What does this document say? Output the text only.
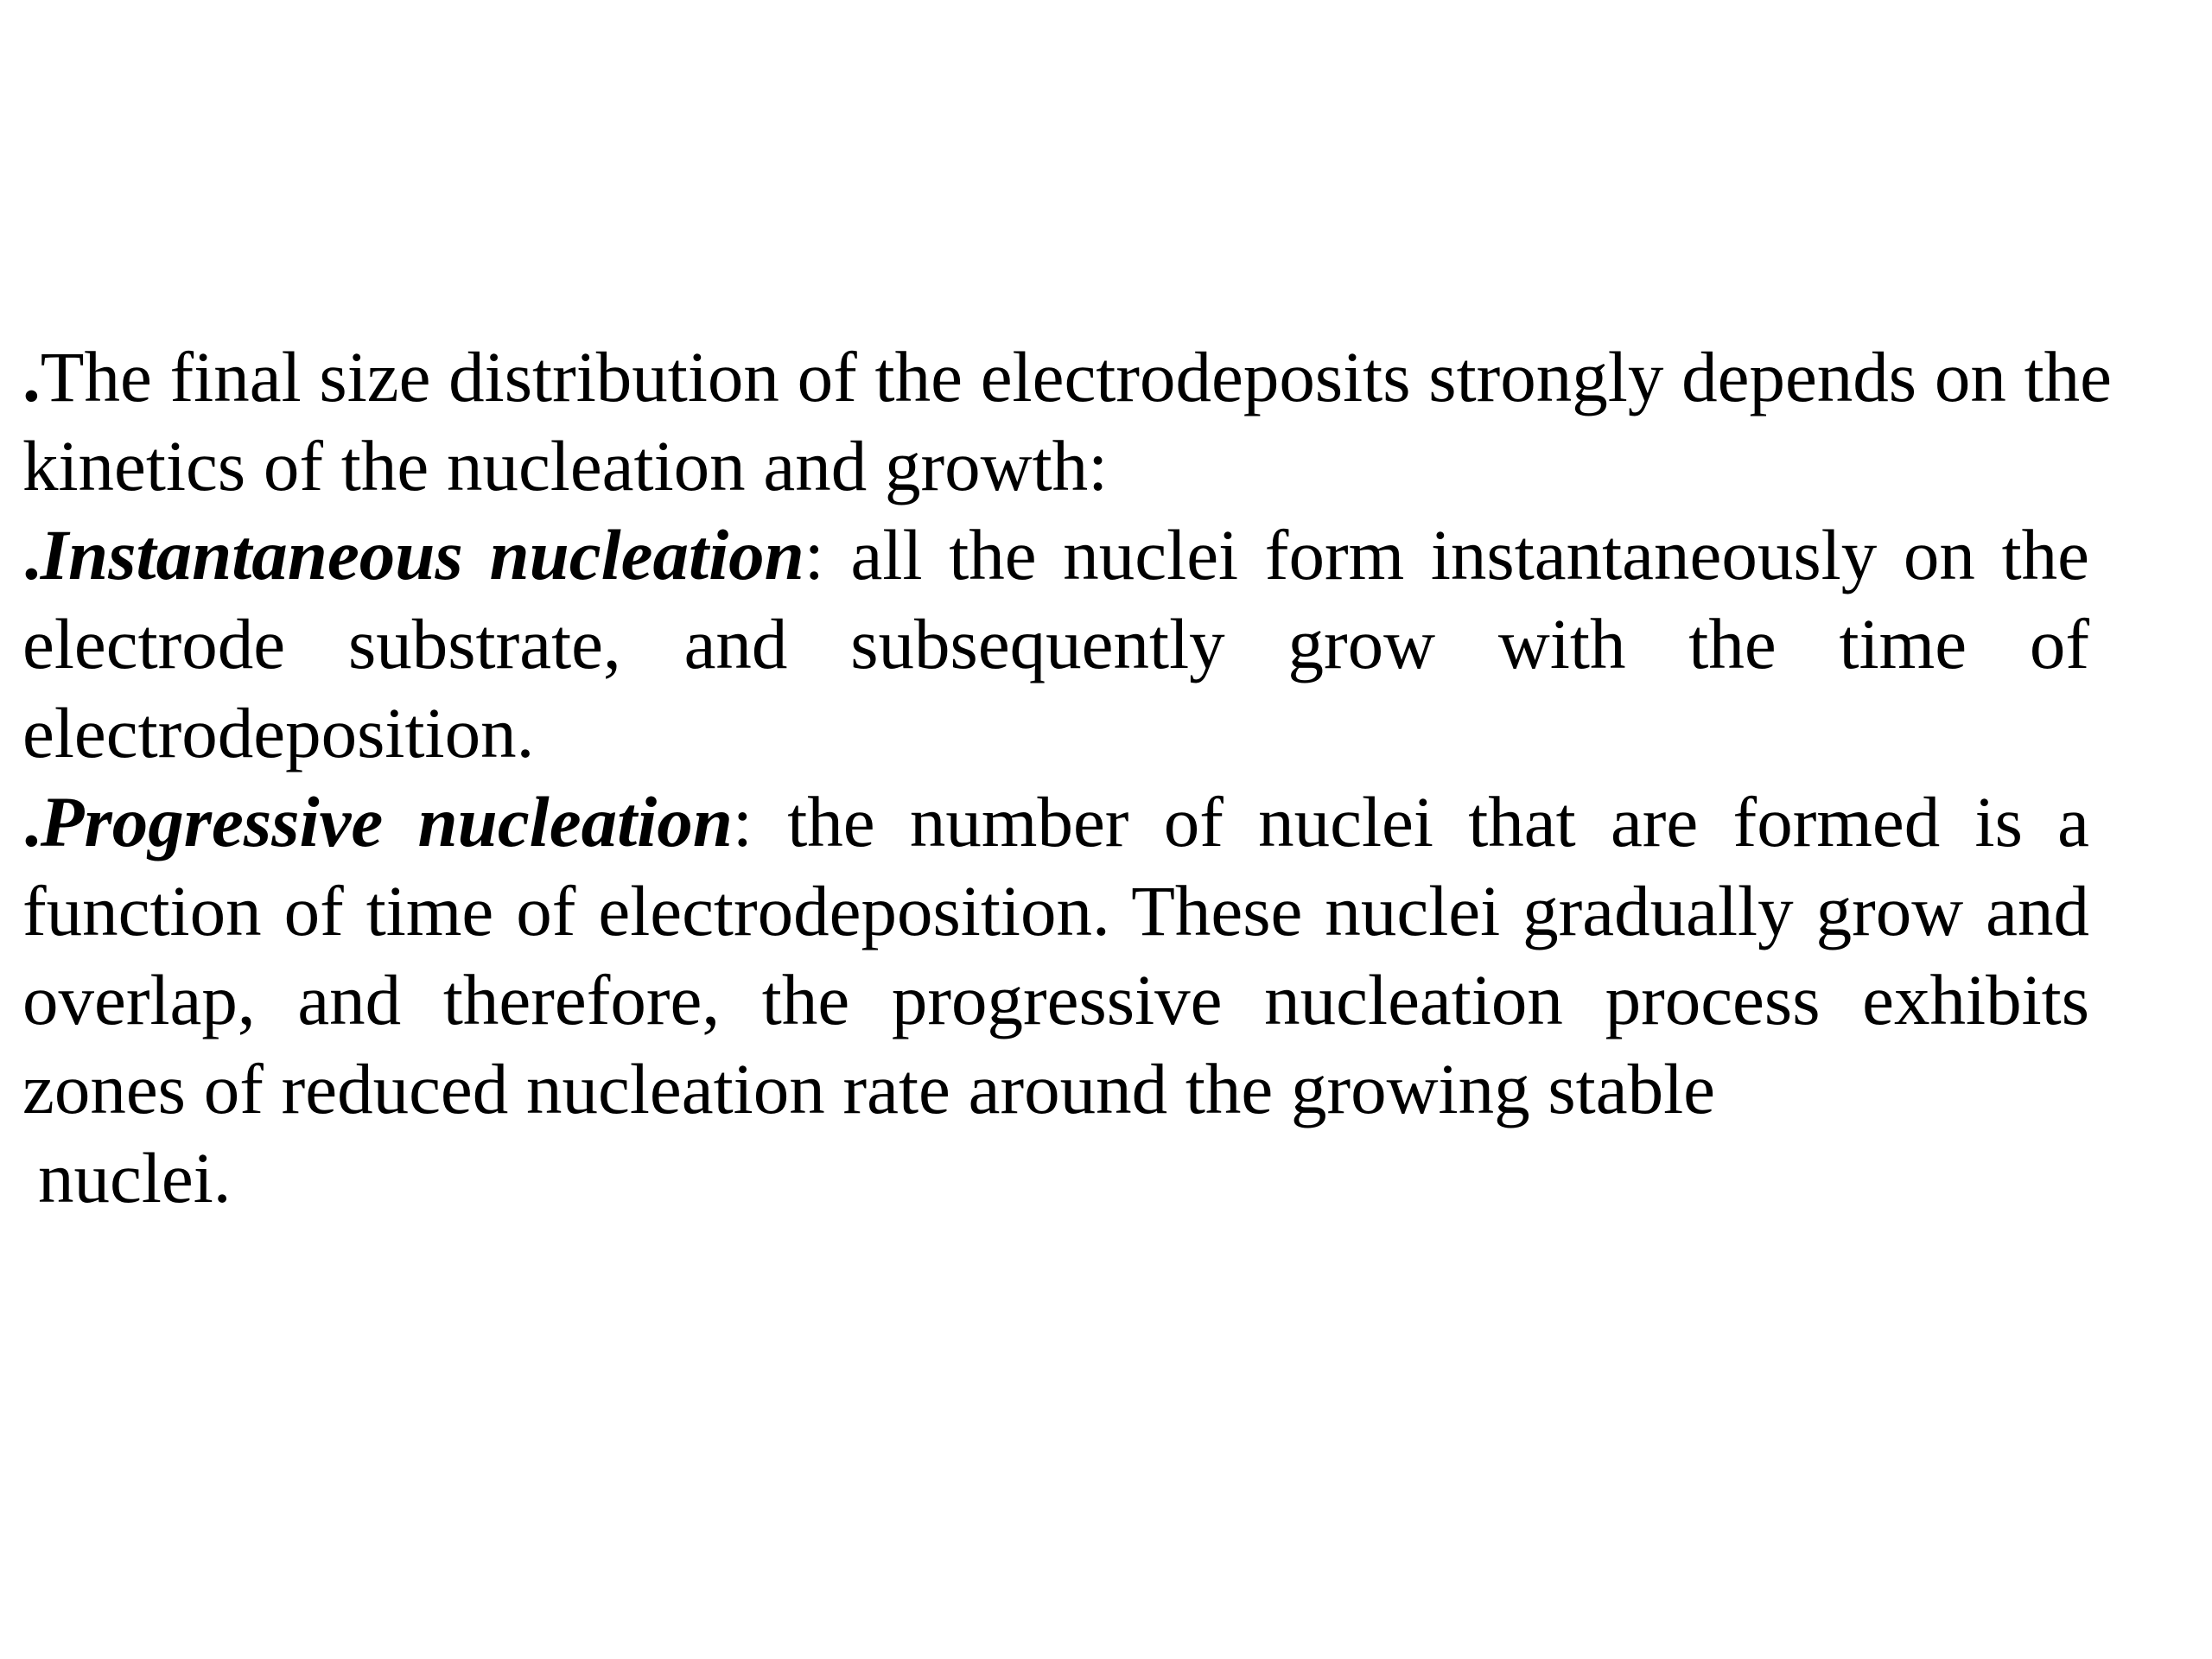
.The final size distribution of the electrodeposits strongly depends on the kinetics of the nucleation and growth:

.Instantaneous nucleation: all the nuclei form instantaneously on the electrode substrate, and subsequently grow with the time of electrodeposition.

.Progressive nucleation: the number of nuclei that are formed is a function of time of electrodeposition. These nuclei gradually grow and overlap, and therefore, the progressive nucleation process exhibits zones of reduced nucleation rate around the growing stable
nuclei.
